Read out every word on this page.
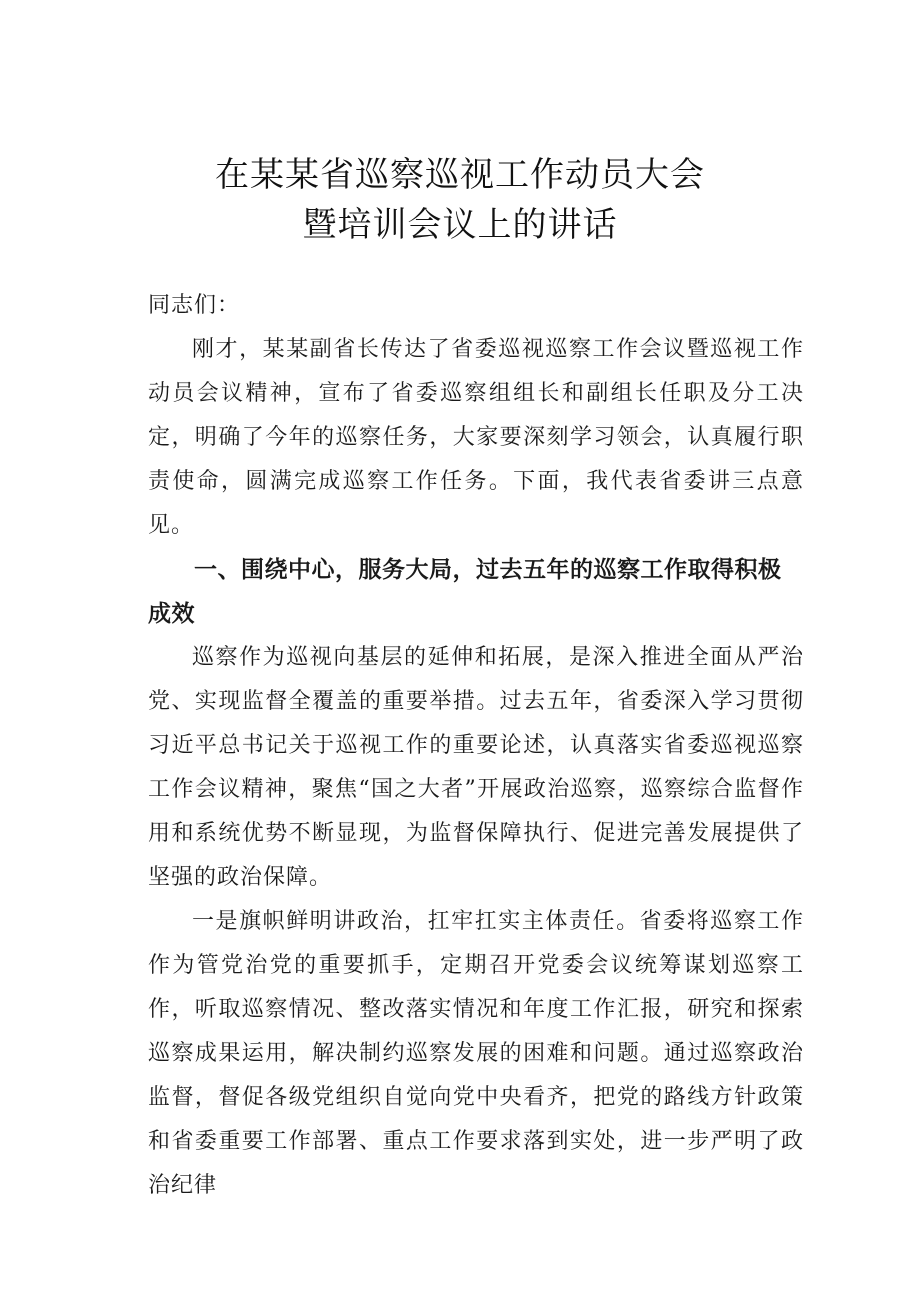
在某某省巡察巡视工作动员大会
暨培训会议上的讲话

同志们：

刚才，某某副省长传达了省委巡视巡察工作会议暨巡视工作动员会议精神，宣布了省委巡察组组长和副组长任职及分工决定，明确了今年的巡察任务，大家要深刻学习领会，认真履行职责使命，圆满完成巡察工作任务。下面，我代表省委讲三点意见。

一、围绕中心，服务大局，过去五年的巡察工作取得积极成效

巡察作为巡视向基层的延伸和拓展，是深入推进全面从严治党、实现监督全覆盖的重要举措。过去五年，省委深入学习贯彻习近平总书记关于巡视工作的重要论述，认真落实省委巡视巡察工作会议精神，聚焦“国之大者”开展政治巡察，巡察综合监督作用和系统优势不断显现，为监督保障执行、促进完善发展提供了坚强的政治保障。

一是旗帜鲜明讲政治，扛牢扛实主体责任。省委将巡察工作作为管党治党的重要抓手，定期召开党委会议统筹谋划巡察工作，听取巡察情况、整改落实情况和年度工作汇报，研究和探索巡察成果运用，解决制约巡察发展的困难和问题。通过巡察政治监督，督促各级党组织自觉向党中央看齐，把党的路线方针政策和省委重要工作部署、重点工作要求落到实处，进一步严明了政治纪律
